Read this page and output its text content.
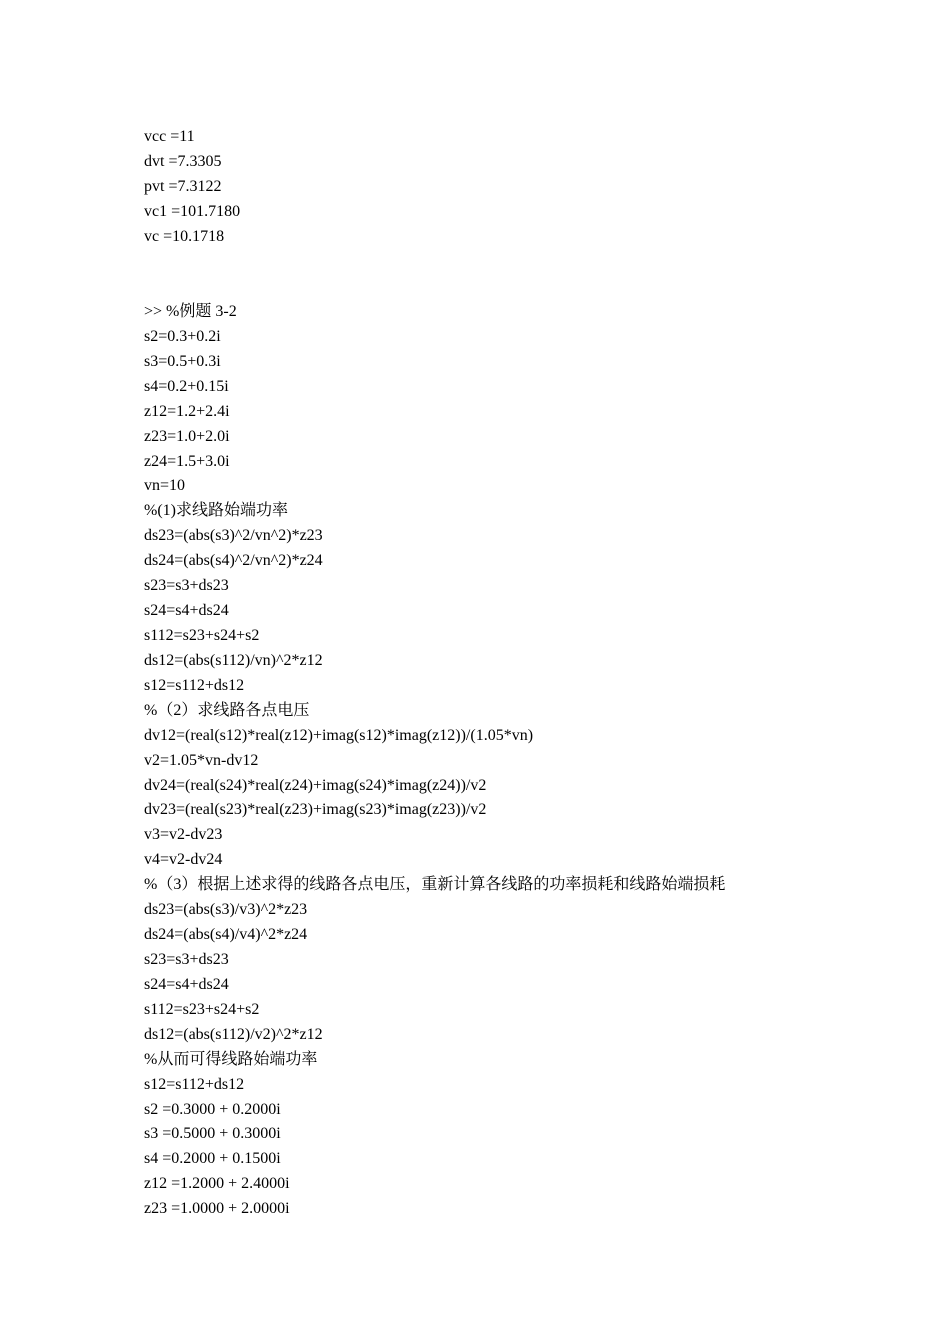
vcc =11
dvt =7.3305
pvt =7.3122
vc1 =101.7180
vc =10.1718
>> %例题 3-2
s2=0.3+0.2i
s3=0.5+0.3i
s4=0.2+0.15i
z12=1.2+2.4i
z23=1.0+2.0i
z24=1.5+3.0i
vn=10
%(1)求线路始端功率
ds23=(abs(s3)^2/vn^2)*z23
ds24=(abs(s4)^2/vn^2)*z24
s23=s3+ds23
s24=s4+ds24
s112=s23+s24+s2
ds12=(abs(s112)/vn)^2*z12
s12=s112+ds12
%（2）求线路各点电压
dv12=(real(s12)*real(z12)+imag(s12)*imag(z12))/(1.05*vn)
v2=1.05*vn-dv12
dv24=(real(s24)*real(z24)+imag(s24)*imag(z24))/v2
dv23=(real(s23)*real(z23)+imag(s23)*imag(z23))/v2
v3=v2-dv23
v4=v2-dv24
%（3）根据上述求得的线路各点电压，重新计算各线路的功率损耗和线路始端损耗
ds23=(abs(s3)/v3)^2*z23
ds24=(abs(s4)/v4)^2*z24
s23=s3+ds23
s24=s4+ds24
s112=s23+s24+s2
ds12=(abs(s112)/v2)^2*z12
%从而可得线路始端功率
s12=s112+ds12
s2 =0.3000 + 0.2000i
s3 =0.5000 + 0.3000i
s4 =0.2000 + 0.1500i
z12 =1.2000 + 2.4000i
z23 =1.0000 + 2.0000i
